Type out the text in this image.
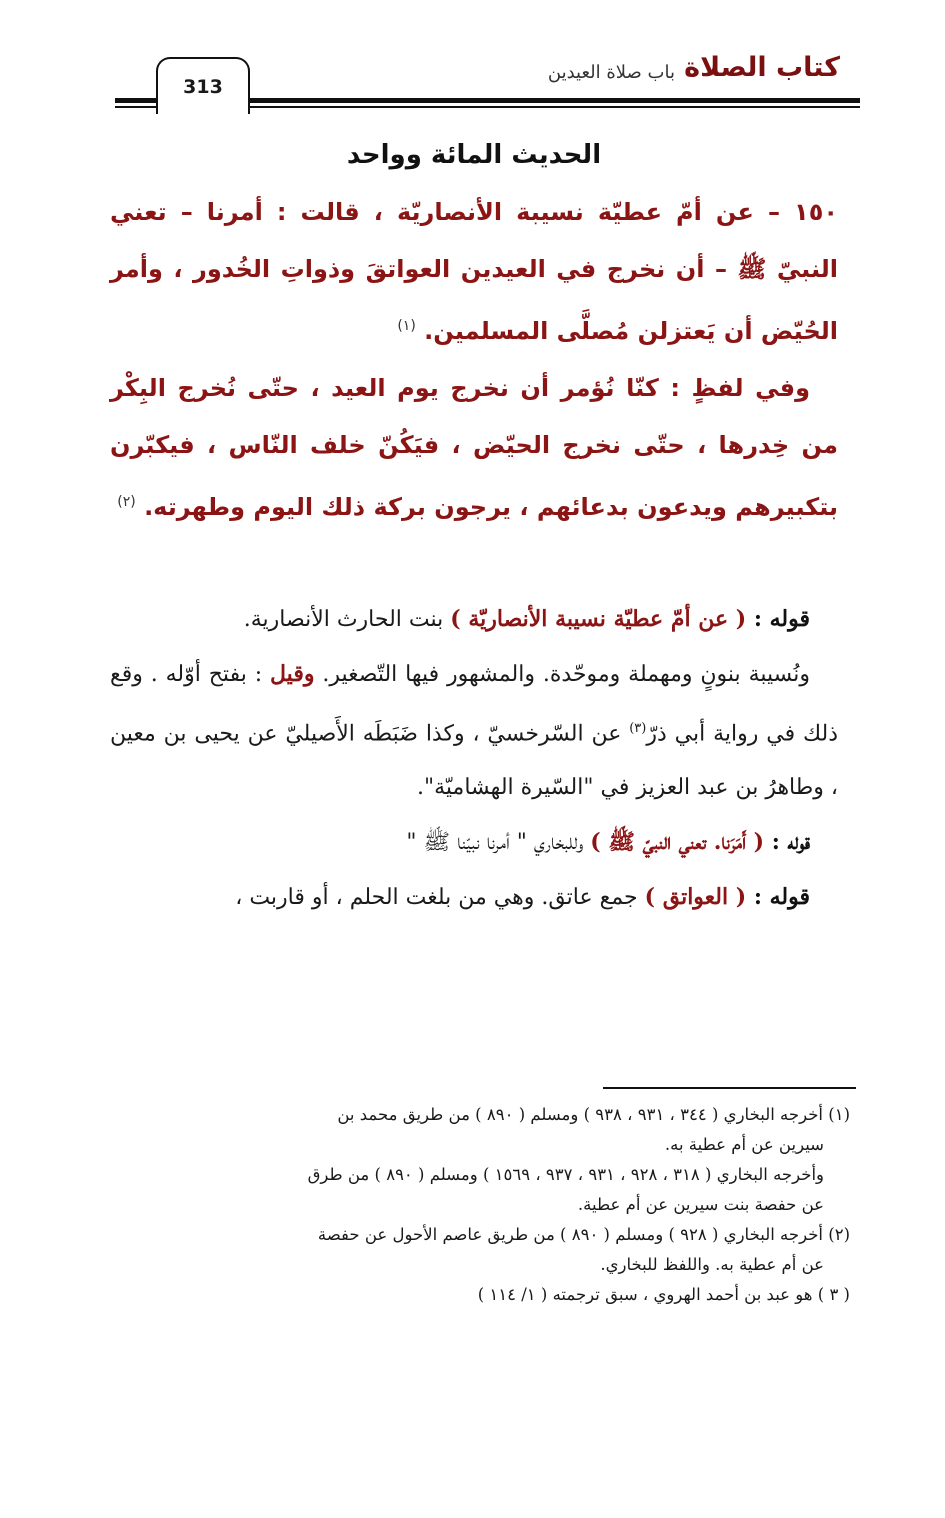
كتاب الصلاة
باب صلاة العيدين
313
الحديث المائة وواحد

١٥٠ – عن أمّ عطيّة نسيبة الأنصاريّة ، قالت : أمرنا – تعني النبيّ ﷺ – أن نخرج في العيدين العواتقَ وذواتِ الخُدور ، وأمر الحُيّض أن يَعتزلن مُصلَّى المسلمين. $^{(١)}$

وفي لفظٍ : كنّا نُؤمر أن نخرج يوم العيد ، حتّى نُخرج البِكْر من خِدرها ، حتّى نخرج الحيّض ، فيَكُنّ خلف النّاس ، فيكبّرن بتكبيرهم ويدعون بدعائهم ، يرجون بركة ذلك اليوم وطهرته. $^{(٢)}$

قوله : ( عن أمّ عطيّة نسيبة الأنصاريّة ) بنت الحارث الأنصارية.

ونُسيبة بنونٍ ومهملة وموحّدة. والمشهور فيها التّصغير. وقيل : بفتح أوّله . وقع ذلك في رواية أبي ذرّ$^{(٣)}$ عن السّرخسيّ ، وكذا ضَبَطَه الأَصيليّ عن يحيى بن معين ، وطاهرُ بن عبد العزيز في "السّيرة الهشاميّة".

قوله : ( أَمَرَنا. تعني النبيّ ﷺ ) وللبخاري " أمرنا نبيّنا ﷺ "

قوله : ( العواتق ) جمع عاتق. وهي من بلغت الحلم ، أو قاربت ،

(١) أخرجه البخاري ( ٣٤٤ ، ٩٣١ ، ٩٣٨ ) ومسلم ( ٨٩٠ ) من طريق محمد بن

سيرين عن أم عطية به.

وأخرجه البخاري ( ٣١٨ ، ٩٢٨ ، ٩٣١ ، ٩٣٧ ، ١٥٦٩ ) ومسلم ( ٨٩٠ ) من طرق

عن حفصة بنت سيرين عن أم عطية.

(٢) أخرجه البخاري ( ٩٢٨ ) ومسلم ( ٨٩٠ ) من طريق عاصم الأحول عن حفصة

عن أم عطية به. واللفظ للبخاري.

( ٣ ) هو عبد بن أحمد الهروي ، سبق ترجمته ( ١/ ١١٤ )
